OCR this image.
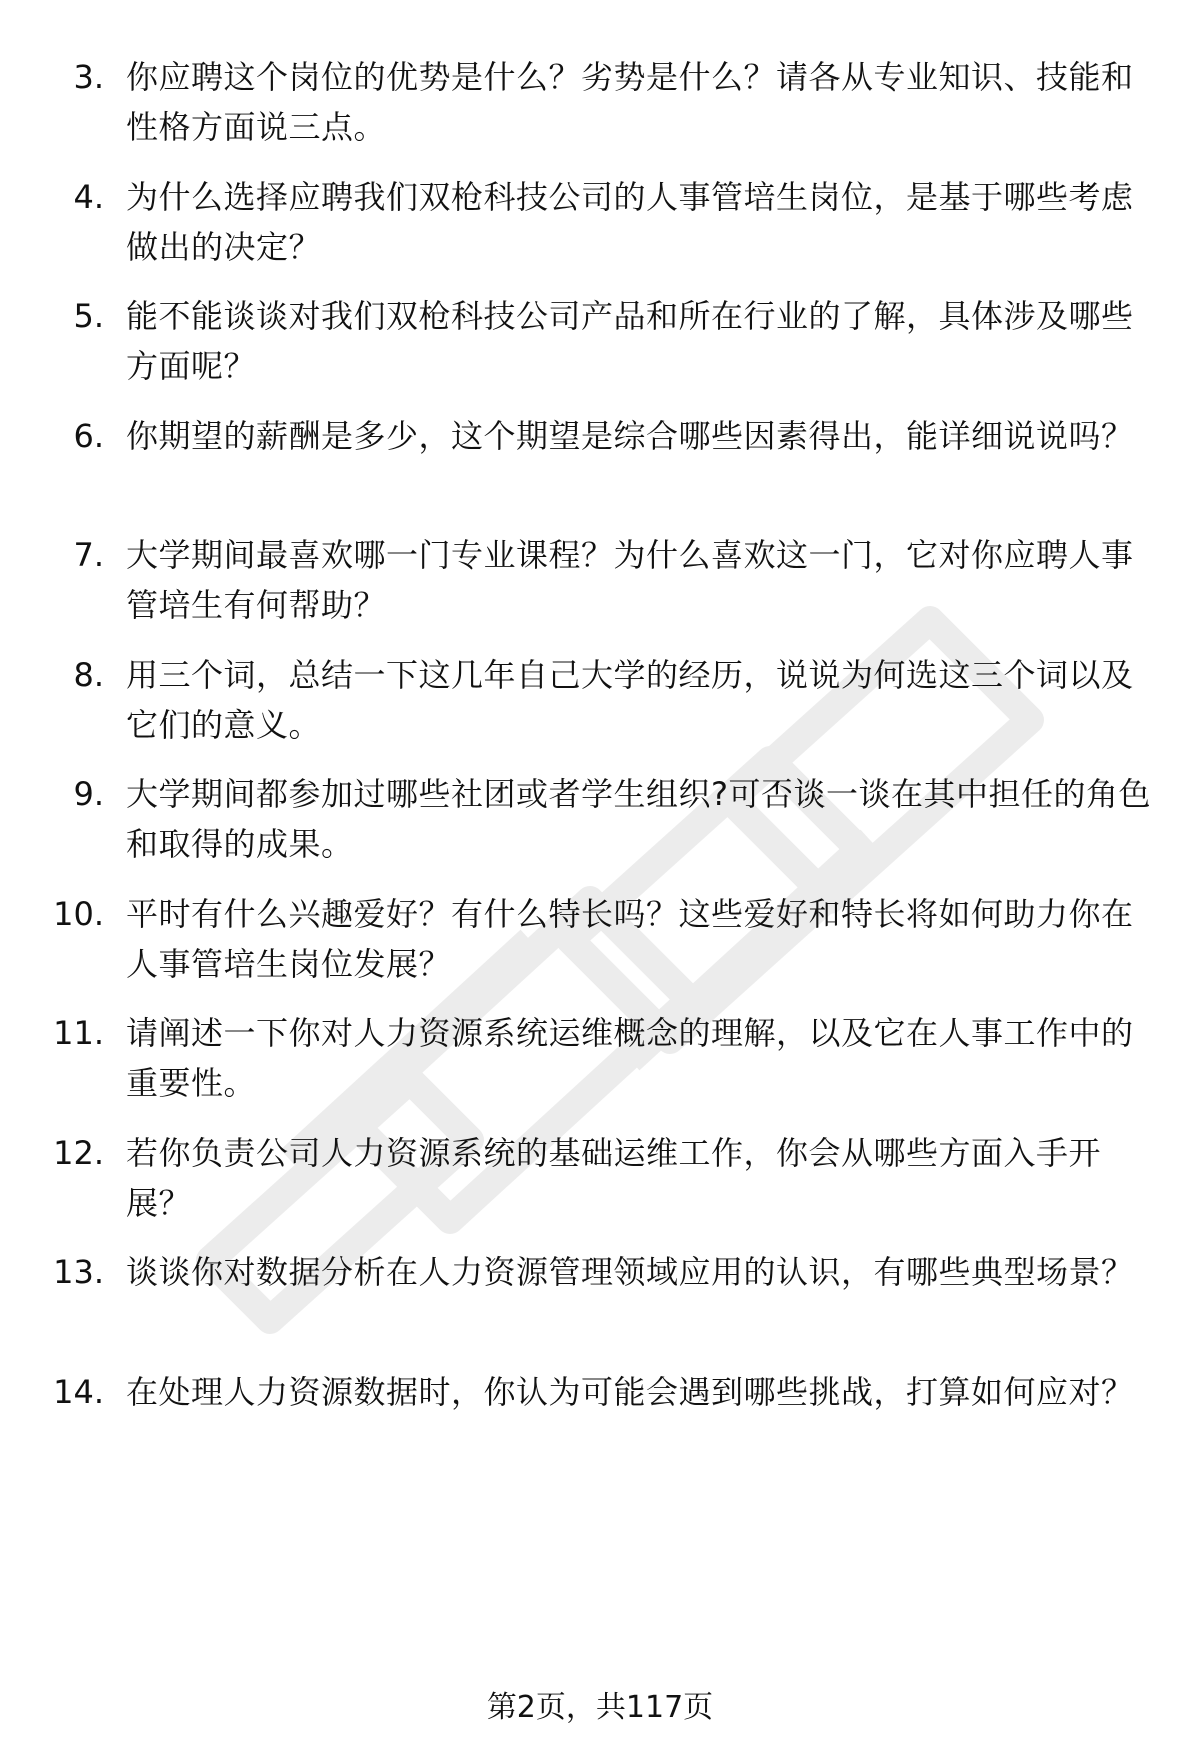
3. 你应聘这个岗位的优势是什么？劣势是什么？请各从专业知识、技能和性格方面说三点。
4. 为什么选择应聘我们双枪科技公司的人事管培生岗位，是基于哪些考虑做出的决定？
5. 能不能谈谈对我们双枪科技公司产品和所在行业的了解，具体涉及哪些方面呢？
6. 你期望的薪酬是多少，这个期望是综合哪些因素得出，能详细说说吗？
7. 大学期间最喜欢哪一门专业课程？为什么喜欢这一门，它对你应聘人事管培生有何帮助？
8. 用三个词，总结一下这几年自己大学的经历，说说为何选这三个词以及它们的意义。
9. 大学期间都参加过哪些社团或者学生组织?可否谈一谈在其中担任的角色和取得的成果。
10. 平时有什么兴趣爱好？有什么特长吗？这些爱好和特长将如何助力你在人事管培生岗位发展？
11. 请阐述一下你对人力资源系统运维概念的理解，以及它在人事工作中的重要性。
12. 若你负责公司人力资源系统的基础运维工作，你会从哪些方面入手开展？
13. 谈谈你对数据分析在人力资源管理领域应用的认识，有哪些典型场景？
14. 在处理人力资源数据时，你认为可能会遇到哪些挑战，打算如何应对？
第2页，共117页
